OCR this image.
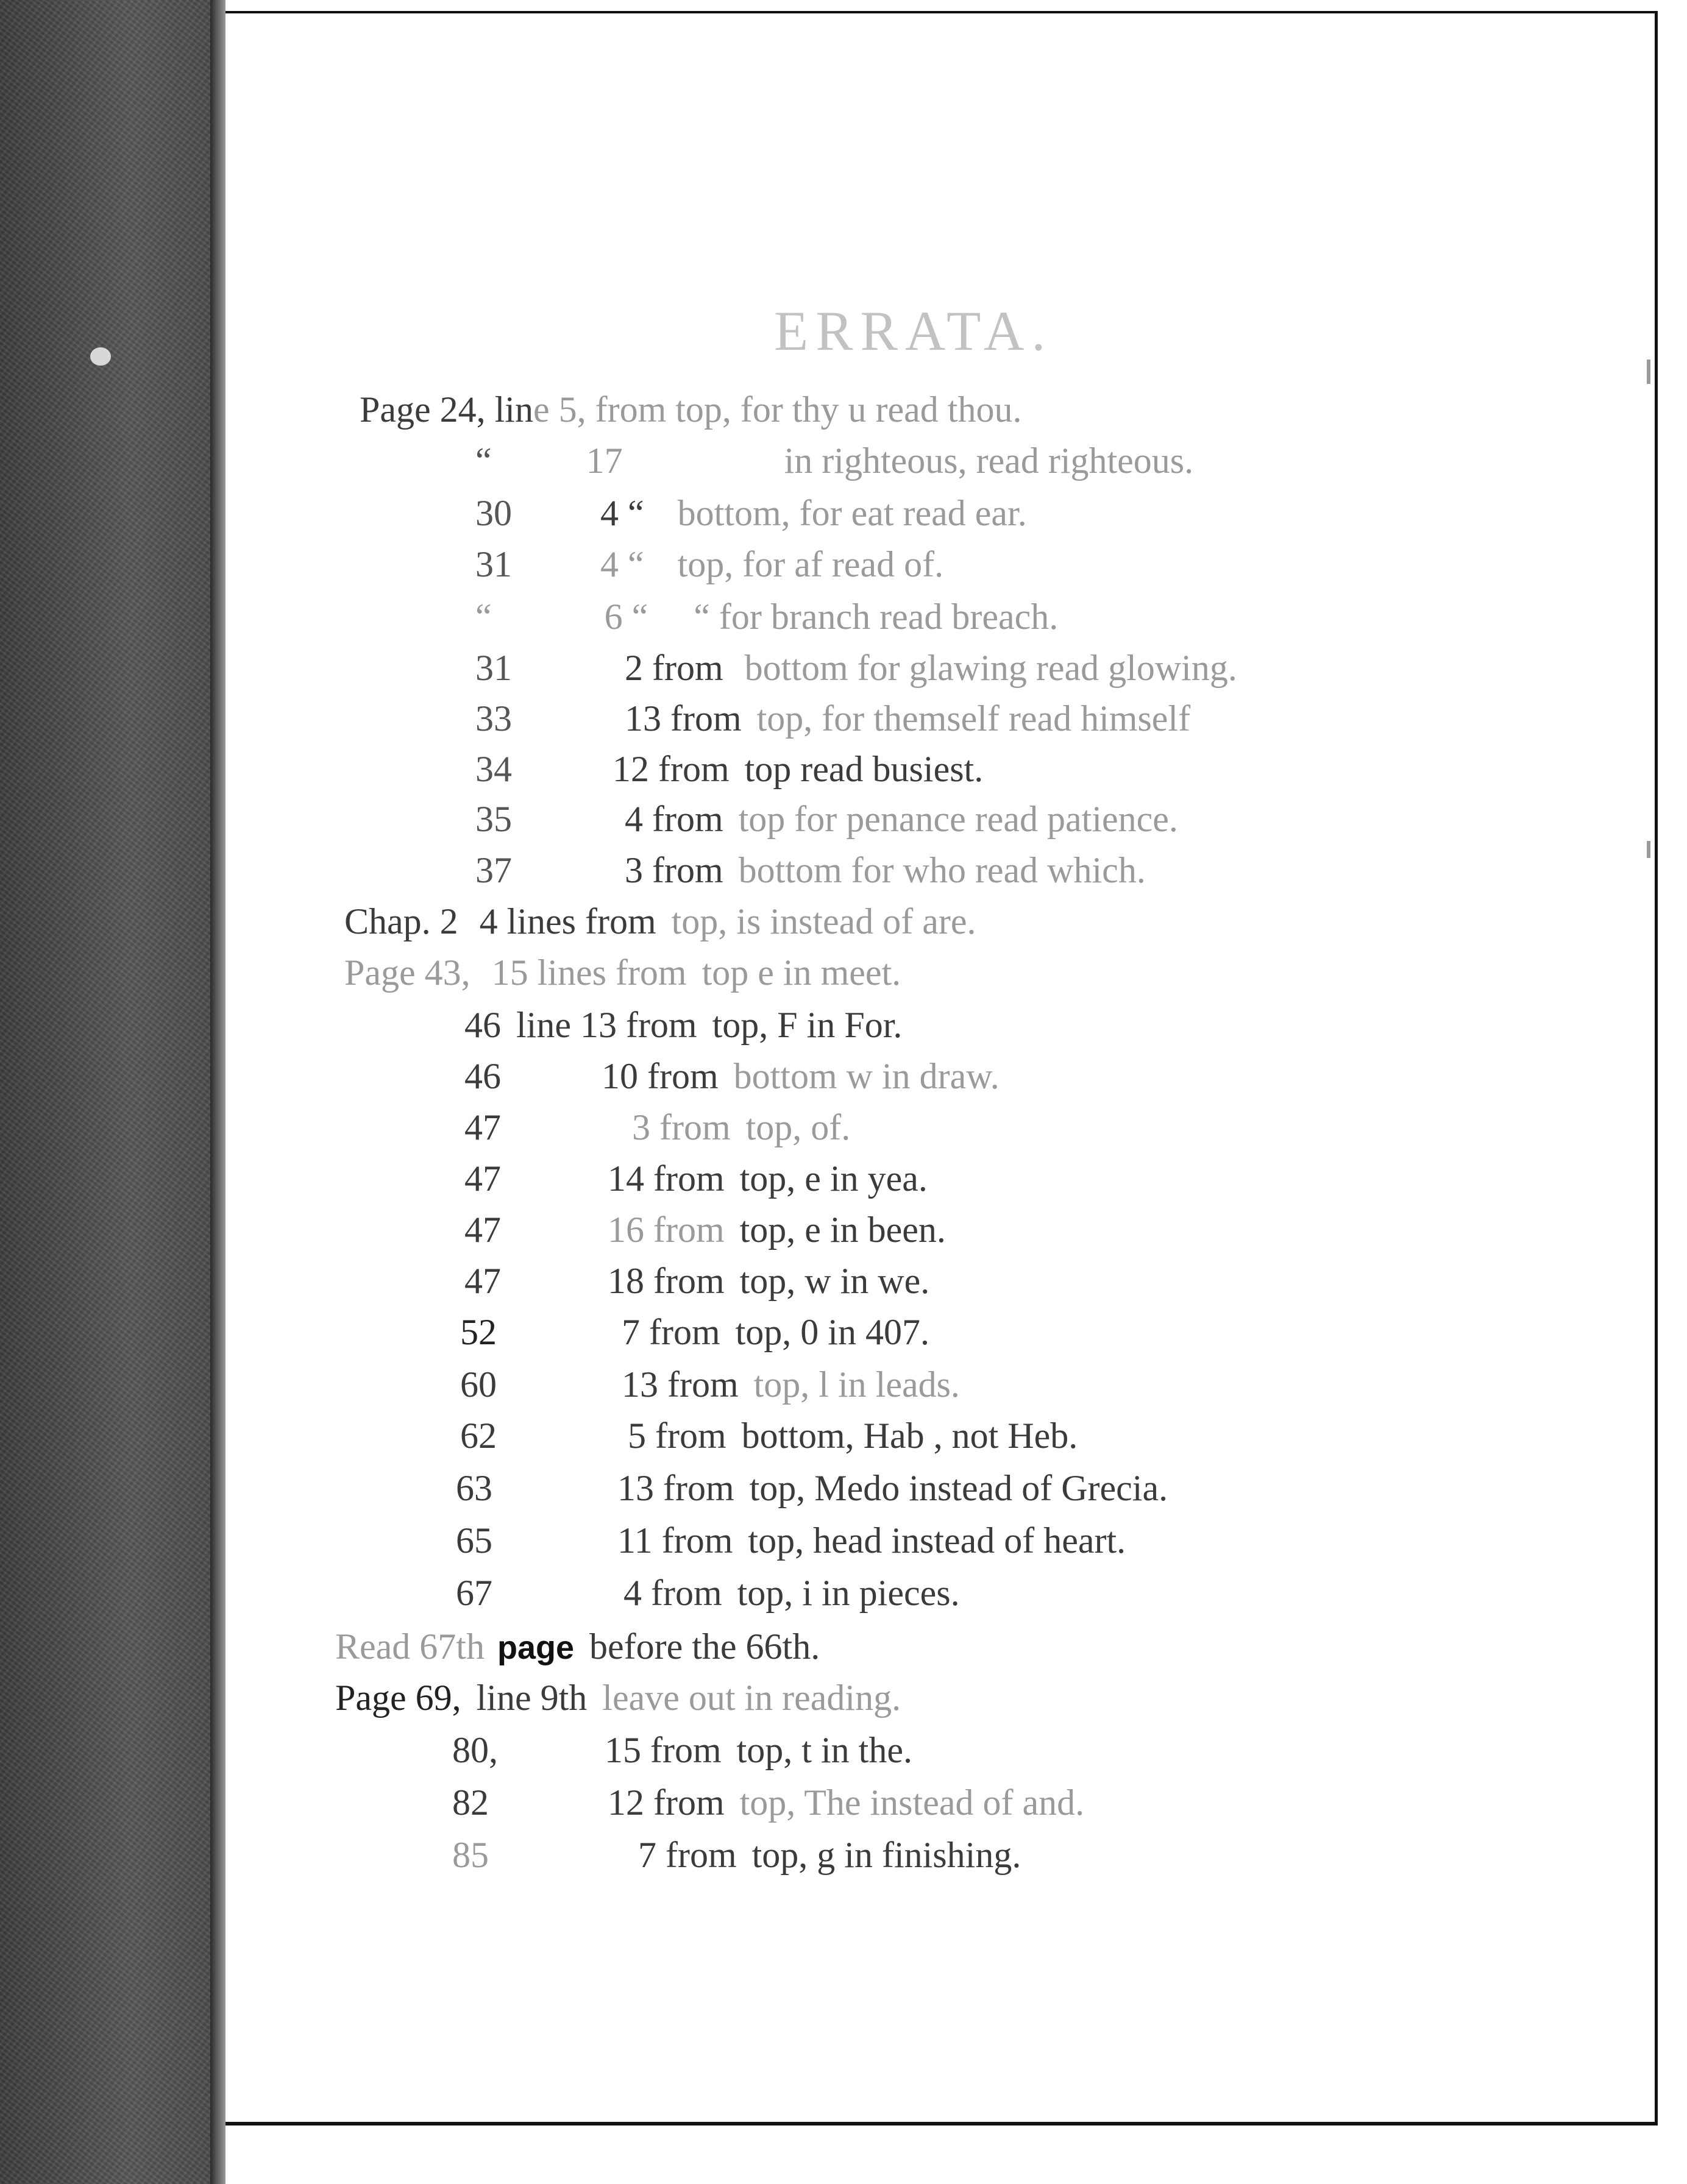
ERRATA.
Page 24, line 5, from top, for thy u read thou.
“	17	in righteous, read righteous.
30 4 “ bottom, for eat read ear.
31 4 “ top, for af read of.
“	6 “ “ for branch read breach.
31	2 from bottom for glawing read glowing.
33	13 from top, for themself read himself
34	12 from top read busiest.
35	4 from top for penance read patience.
37	3 from bottom for who read which.
Chap. 2 4 lines from top, is instead of are.
Page 43, 15 lines from top e in meet.
46 line 13 from top, F in For.
46	10 from bottom w in draw.
47	3 from top, of.
47	14 from top, e in yea.
47	16 from top, e in been.
47	18 from top, w in we.
52	7 from top, 0 in 407.
60	13 from top, l in leads.
62	5 from bottom, Hab , not Heb.
63	13 from top, Medo instead of Grecia.
65	11 from top, head instead of heart.
67	4 from top, i in pieces.
Read 67th page before the 66th.
Page 69, line 9th leave out in reading.
80,	15 from top, t in the.
82	12 from top, The instead of and.
85	7 from top, g in finishing.
